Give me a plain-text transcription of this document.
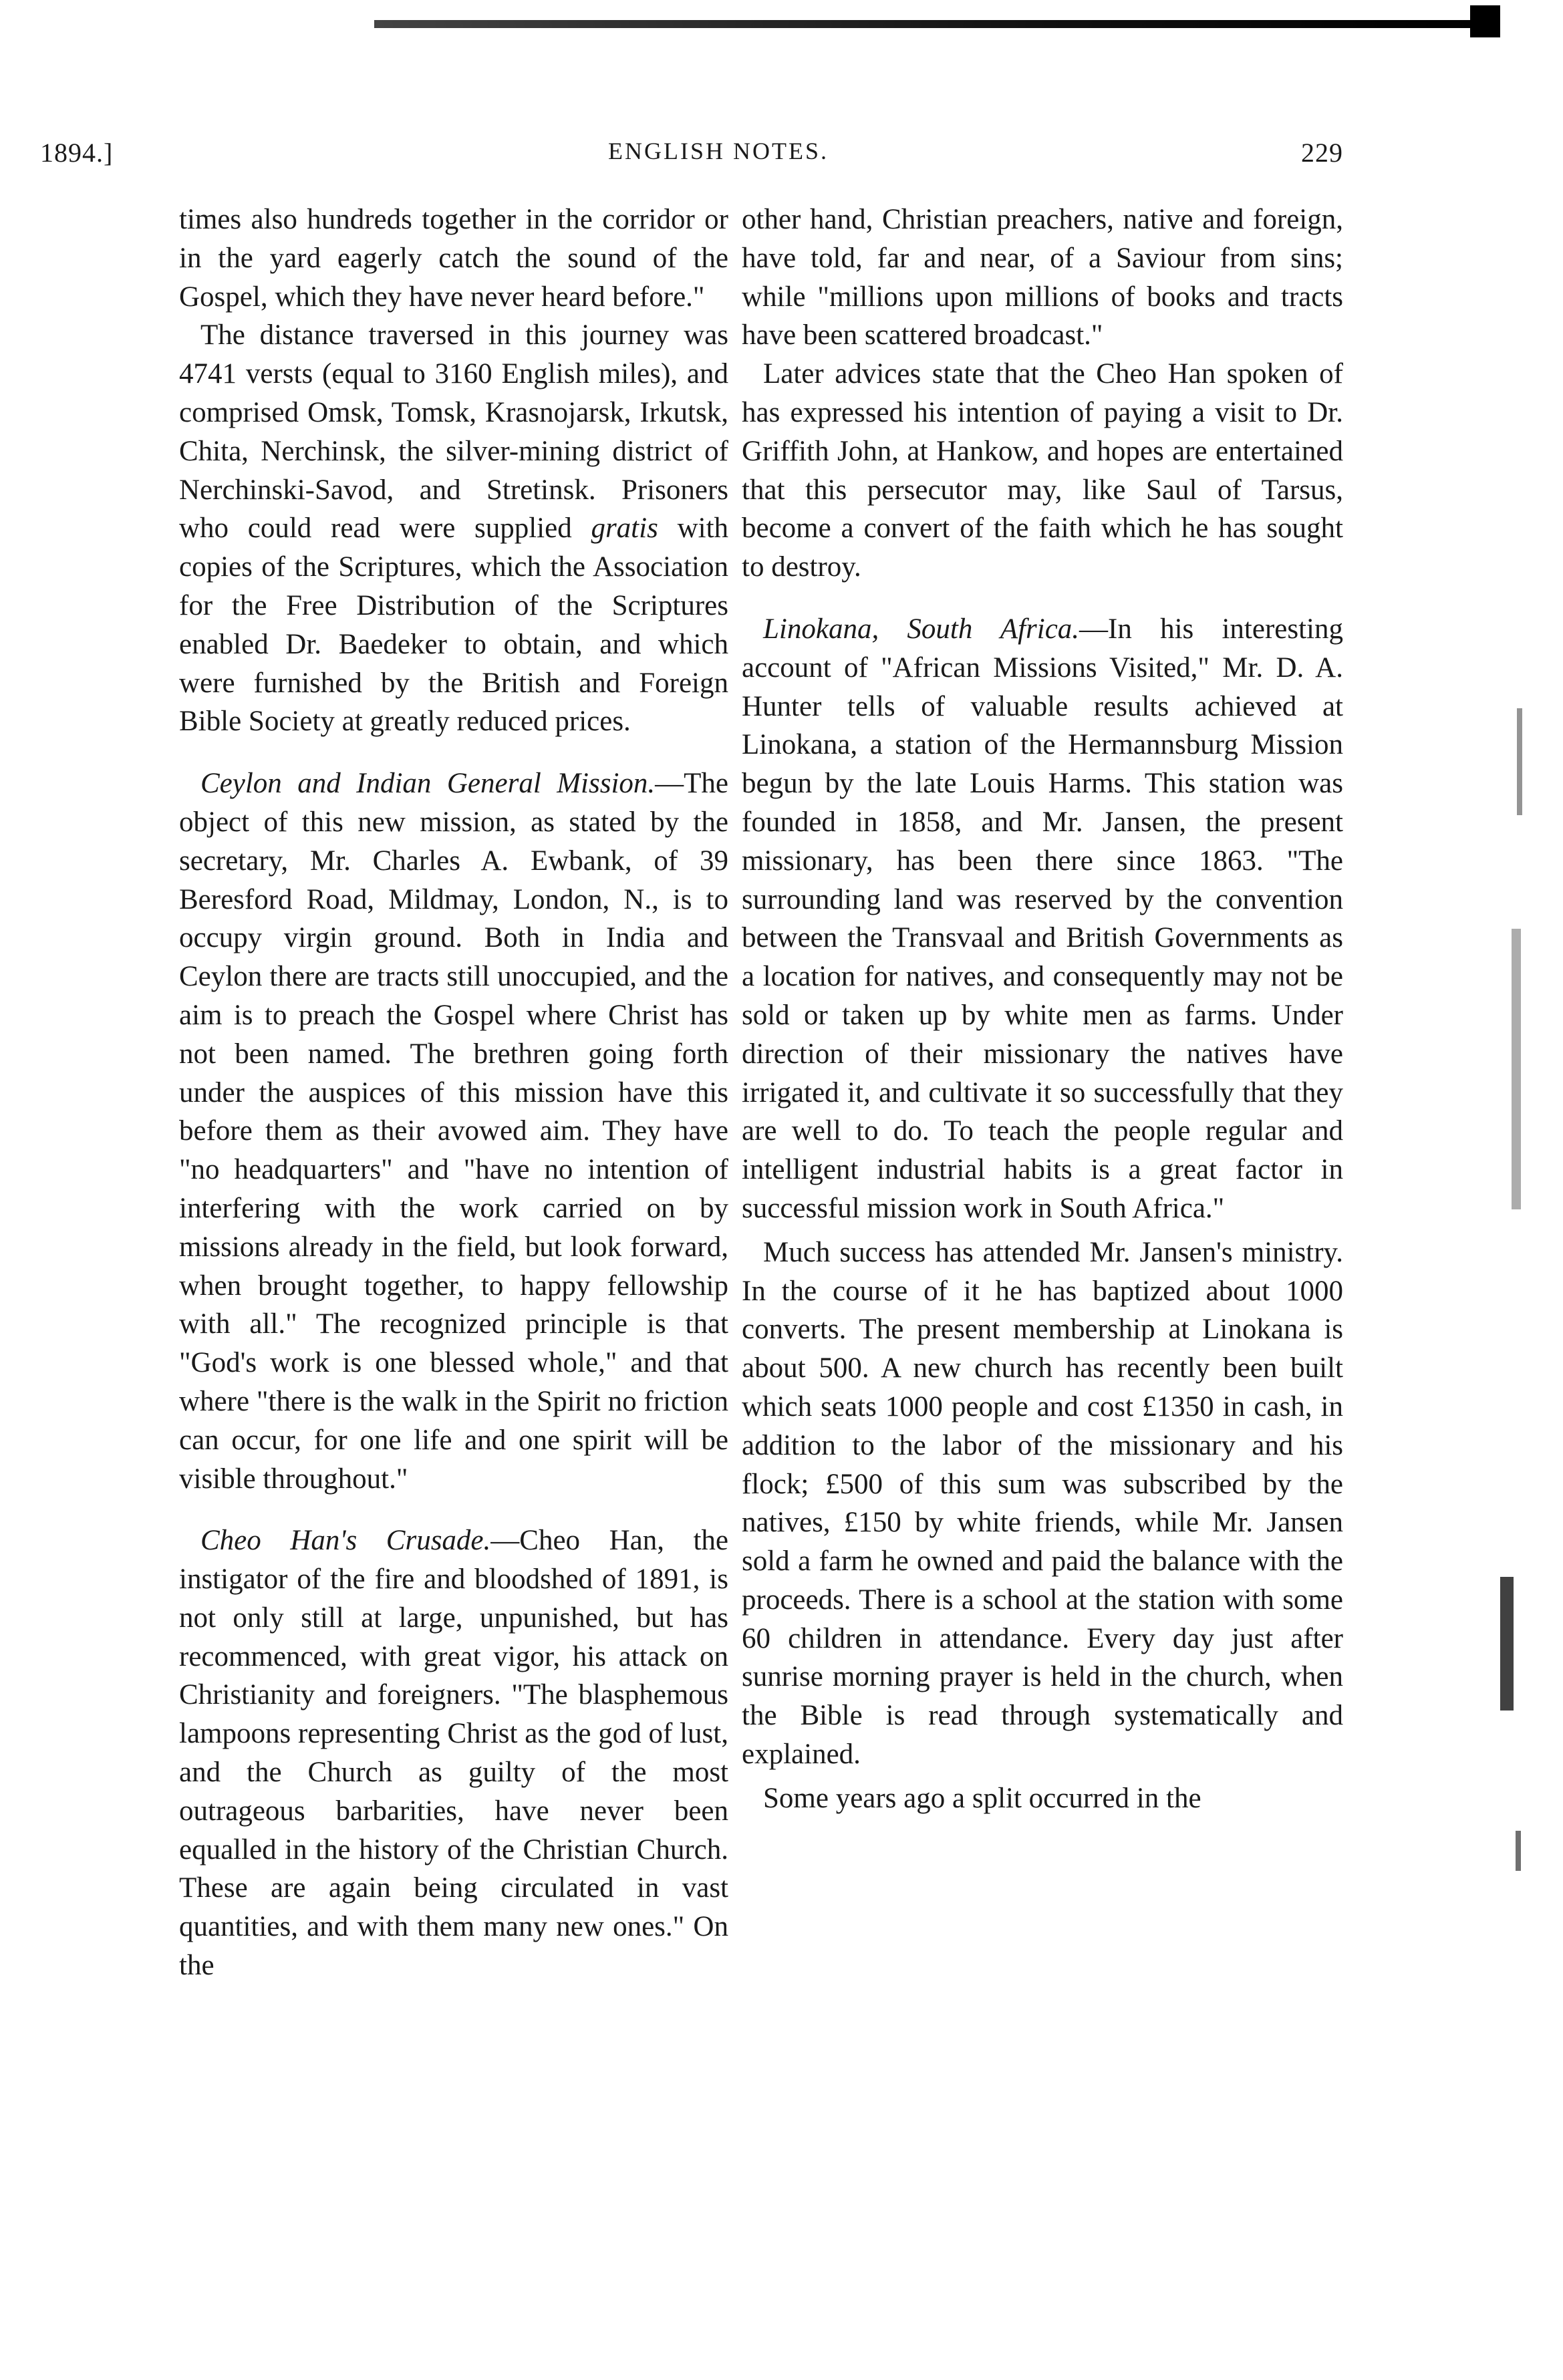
1894.]	ENGLISH NOTES.	229

times also hundreds together in the corridor or in the yard eagerly catch the sound of the Gospel, which they have never heard before."

The distance traversed in this journey was 4741 versts (equal to 3160 English miles), and comprised Omsk, Tomsk, Krasnojarsk, Irkutsk, Chita, Nerchinsk, the silver-mining district of Nerchinski-Savod, and Stretinsk. Prisoners who could read were supplied gratis with copies of the Scriptures, which the Association for the Free Distribution of the Scriptures enabled Dr. Baedeker to obtain, and which were furnished by the British and Foreign Bible Society at greatly reduced prices.

Ceylon and Indian General Mission.—The object of this new mission, as stated by the secretary, Mr. Charles A. Ewbank, of 39 Beresford Road, Mildmay, London, N., is to occupy virgin ground. Both in India and Ceylon there are tracts still unoccupied, and the aim is to preach the Gospel where Christ has not been named. The brethren going forth under the auspices of this mission have this before them as their avowed aim. They have "no headquarters" and "have no intention of interfering with the work carried on by missions already in the field, but look forward, when brought together, to happy fellowship with all." The recognized principle is that "God's work is one blessed whole," and that where "there is the walk in the Spirit no friction can occur, for one life and one spirit will be visible throughout."

Cheo Han's Crusade.—Cheo Han, the instigator of the fire and bloodshed of 1891, is not only still at large, unpunished, but has recommenced, with great vigor, his attack on Christianity and foreigners. "The blasphemous lampoons representing Christ as the god of lust, and the Church as guilty of the most outrageous barbarities, have never been equalled in the history of the Christian Church. These are again being circulated in vast quantities, and with them many new ones." On the

other hand, Christian preachers, native and foreign, have told, far and near, of a Saviour from sins; while "millions upon millions of books and tracts have been scattered broadcast."

Later advices state that the Cheo Han spoken of has expressed his intention of paying a visit to Dr. Griffith John, at Hankow, and hopes are entertained that this persecutor may, like Saul of Tarsus, become a convert of the faith which he has sought to destroy.

Linokana, South Africa.—In his interesting account of "African Missions Visited," Mr. D. A. Hunter tells of valuable results achieved at Linokana, a station of the Hermannsburg Mission begun by the late Louis Harms. This station was founded in 1858, and Mr. Jansen, the present missionary, has been there since 1863. "The surrounding land was reserved by the convention between the Transvaal and British Governments as a location for natives, and consequently may not be sold or taken up by white men as farms. Under direction of their missionary the natives have irrigated it, and cultivate it so successfully that they are well to do. To teach the people regular and intelligent industrial habits is a great factor in successful mission work in South Africa."

Much success has attended Mr. Jansen's ministry. In the course of it he has baptized about 1000 converts. The present membership at Linokana is about 500. A new church has recently been built which seats 1000 people and cost £1350 in cash, in addition to the labor of the missionary and his flock; £500 of this sum was subscribed by the natives, £150 by white friends, while Mr. Jansen sold a farm he owned and paid the balance with the proceeds. There is a school at the station with some 60 children in attendance. Every day just after sunrise morning prayer is held in the church, when the Bible is read through systematically and explained.

Some years ago a split occurred in the
